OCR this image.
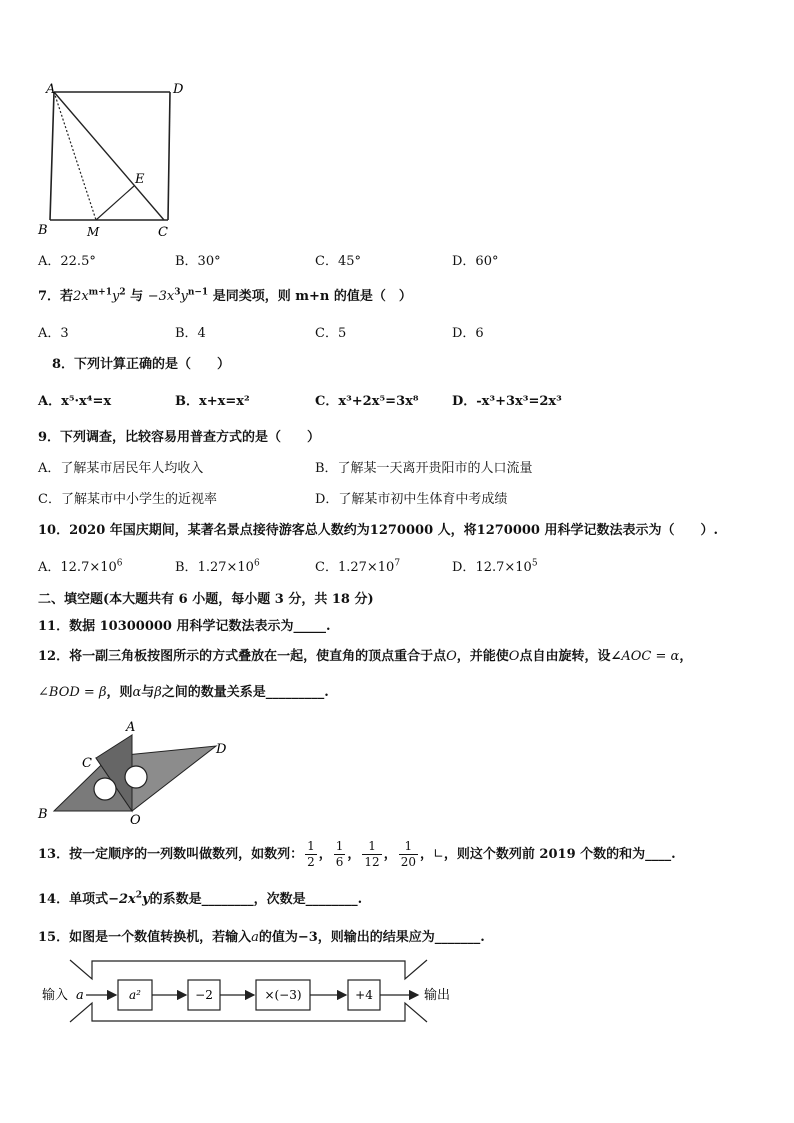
A	D
E
B	M	C
A．22.5°	B．30°	C．45°	D．60°
7．若$2x^{m+1}y^2$ 与 $-3x^3y^{n-1}$ 是同类项，则 m+n 的值是（　）
A．3	B．4	C．5	D．6
8．下列计算正确的是（　　）
A．x⁵·x⁴=x	B．x+x=x²	C．x³+2x⁵=3x⁸	D．-x³+3x³=2x³
9．下列调查，比较容易用普查方式的是（　　）
A．了解某市居民年人均收入	B．了解某一天离开贵阳市的人口流量
C．了解某市中小学生的近视率	D．了解某市初中生体育中考成绩
10．2020 年国庆期间，某著名景点接待游客总人数约为1270000 人，将1270000 用科学记数法表示为（　　）.
A．$12.7\times 10^6$	B．$1.27\times 10^6$	C．$1.27\times 10^7$	D．$12.7\times 10^5$
二、填空题(本大题共有 6 小题，每小题 3 分，共 18 分)
11．数据 10300000 用科学记数法表示为_____.
12．将一副三角板按图所示的方式叠放在一起，使直角的顶点重合于点O，并能使O点自由旋转，设∠AOC = α，
∠BOD = β，则α与β之间的数量关系是_________.
A
C
D
B	O
13．按一定顺序的一列数叫做数列，如数列： $\frac{1}{2}$ ， $\frac{1}{6}$ ， $\frac{1}{12}$ ， $\frac{1}{20}$ ，∟，则这个数列前 2019 个数的和为____.
14．单项式$-2x^2y$的系数是________，次数是________.
15．如图是一个数值转换机，若输入a的值为−3，则输出的结果应为_______.
输入 a	a²	−2	×(−3)	+4	输出
